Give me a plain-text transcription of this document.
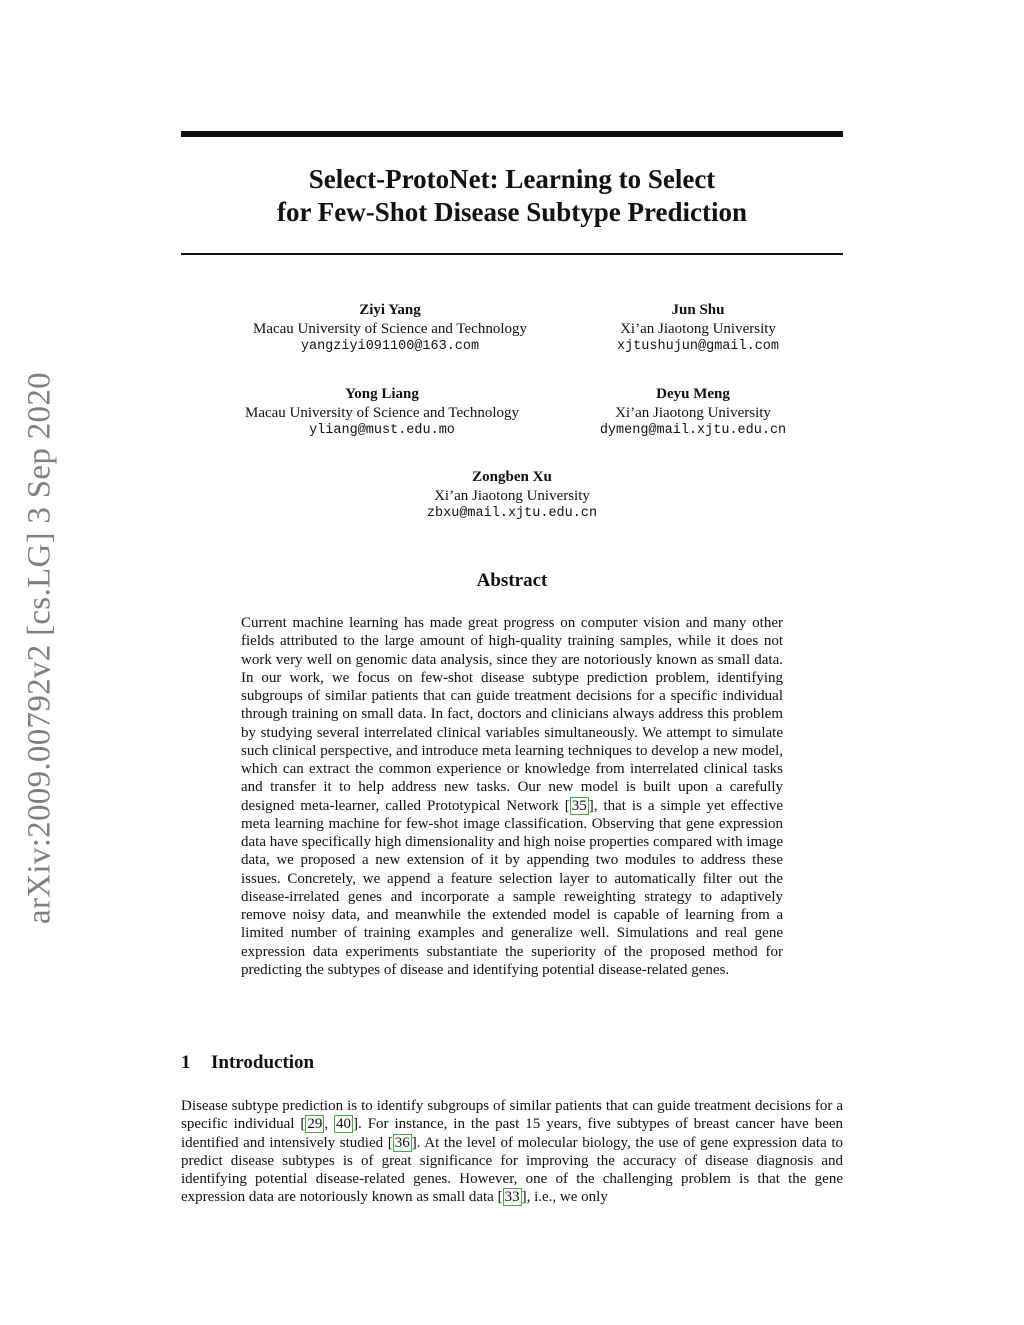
arXiv:2009.00792v2 [cs.LG] 3 Sep 2020
Select-ProtoNet: Learning to Select
for Few-Shot Disease Subtype Prediction
Ziyi Yang
Macau University of Science and Technology
yangziyi091100@163.com
Jun Shu
Xi’an Jiaotong University
xjtushujun@gmail.com
Yong Liang
Macau University of Science and Technology
yliang@must.edu.mo
Deyu Meng
Xi’an Jiaotong University
dymeng@mail.xjtu.edu.cn
Zongben Xu
Xi’an Jiaotong University
zbxu@mail.xjtu.edu.cn
Abstract

Current machine learning has made great progress on computer vision and many other fields attributed to the large amount of high-quality training samples, while it does not work very well on genomic data analysis, since they are notoriously known as small data. In our work, we focus on few-shot disease subtype prediction problem, identifying subgroups of similar patients that can guide treatment decisions for a specific individual through training on small data. In fact, doctors and clinicians always address this problem by studying several interrelated clinical variables simultaneously. We attempt to simulate such clinical perspective, and introduce meta learning techniques to develop a new model, which can extract the common experience or knowledge from interrelated clinical tasks and transfer it to help address new tasks. Our new model is built upon a carefully designed meta-learner, called Prototypical Network [ 35 ], that is a simple yet effective meta learning machine for few-shot image classification. Observing that gene expression data have specifically high dimensionality and high noise properties compared with image data, we proposed a new extension of it by appending two modules to address these issues. Concretely, we append a feature selection layer to automatically filter out the disease-irrelated genes and incorporate a sample reweighting strategy to adaptively remove noisy data, and meanwhile the extended model is capable of learning from a limited number of training examples and generalize well. Simulations and real gene expression data experiments substantiate the superiority of the proposed method for predicting the subtypes of disease and identifying potential disease-related genes.

1 Introduction

Disease subtype prediction is to identify subgroups of similar patients that can guide treatment decisions for a specific individual [ 29 , 40 ]. For instance, in the past 15 years, five subtypes of breast cancer have been identified and intensively studied [ 36 ]. At the level of molecular biology, the use of gene expression data to predict disease subtypes is of great significance for improving the accuracy of disease diagnosis and identifying potential disease-related genes. However, one of the challenging problem is that the gene expression data are notoriously known as small data [ 33 ], i.e., we only
